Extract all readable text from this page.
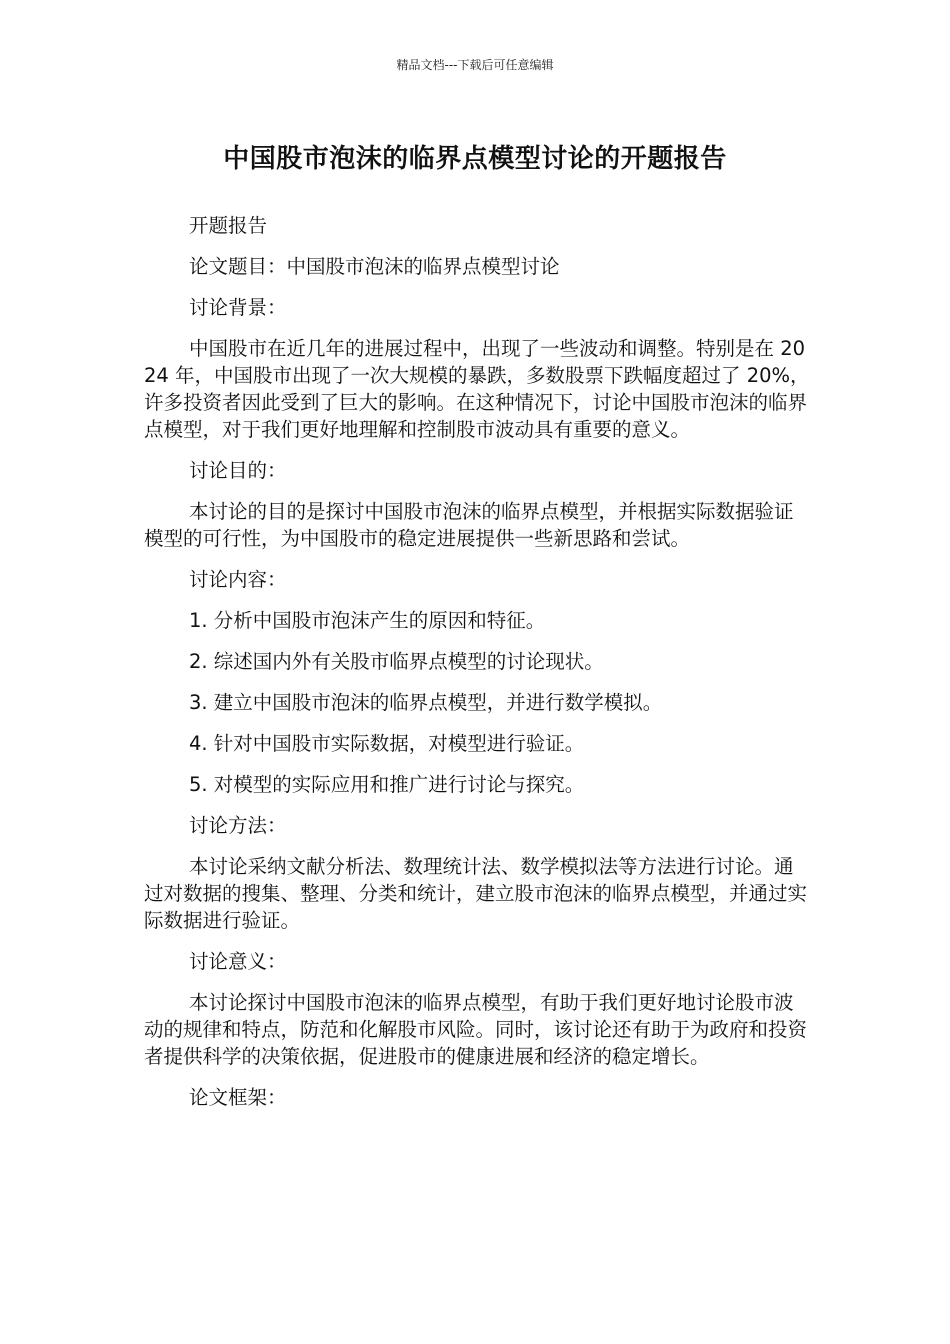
精品文档---下载后可任意编辑
中国股市泡沫的临界点模型讨论的开题报告

开题报告

论文题目：中国股市泡沫的临界点模型讨论

讨论背景：

中国股市在近几年的进展过程中，出现了一些波动和调整。特别是在 2024 年，中国股市出现了一次大规模的暴跌，多数股票下跌幅度超过了 20%，许多投资者因此受到了巨大的影响。在这种情况下，讨论中国股市泡沫的临界点模型，对于我们更好地理解和控制股市波动具有重要的意义。

讨论目的：

本讨论的目的是探讨中国股市泡沫的临界点模型，并根据实际数据验证模型的可行性，为中国股市的稳定进展提供一些新思路和尝试。

讨论内容：

1. 分析中国股市泡沫产生的原因和特征。

2. 综述国内外有关股市临界点模型的讨论现状。

3. 建立中国股市泡沫的临界点模型，并进行数学模拟。

4. 针对中国股市实际数据，对模型进行验证。

5. 对模型的实际应用和推广进行讨论与探究。

讨论方法：

本讨论采纳文献分析法、数理统计法、数学模拟法等方法进行讨论。通过对数据的搜集、整理、分类和统计，建立股市泡沫的临界点模型，并通过实际数据进行验证。

讨论意义：

本讨论探讨中国股市泡沫的临界点模型，有助于我们更好地讨论股市波动的规律和特点，防范和化解股市风险。同时，该讨论还有助于为政府和投资者提供科学的决策依据，促进股市的健康进展和经济的稳定增长。

论文框架：
